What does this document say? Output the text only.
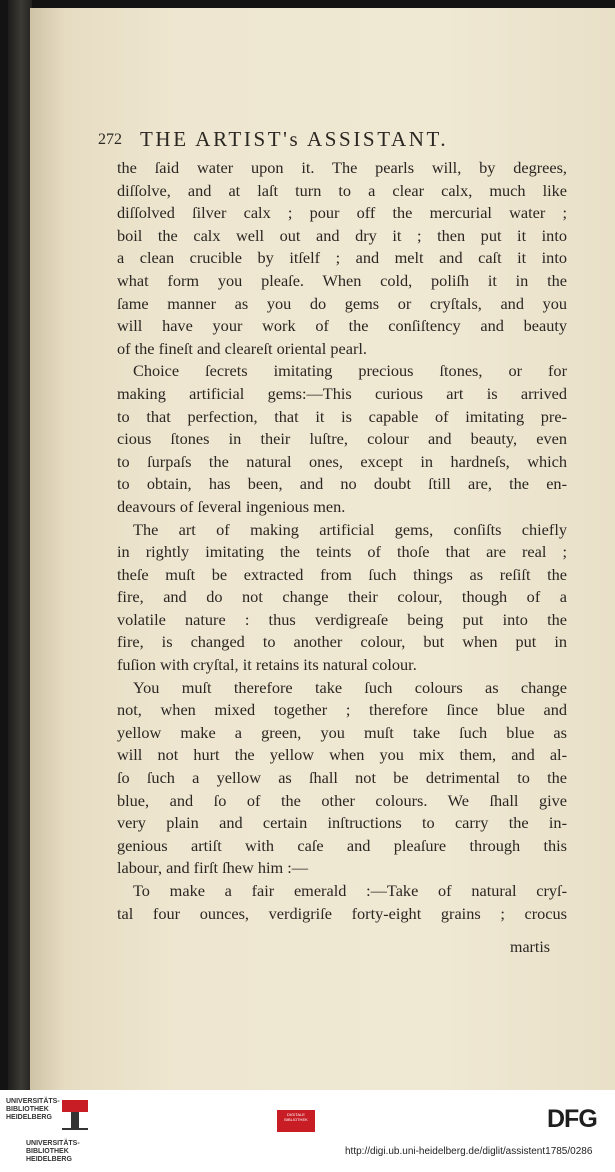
272 THE ARTIST's ASSISTANT.

the ſaid water upon it. The pearls will, by degrees,

diſſolve, and at laſt turn to a clear calx, much like

diſſolved ſilver calx ; pour off the mercurial water ;

boil the calx well out and dry it ; then put it into

a clean crucible by itſelf ; and melt and caſt it into

what form you pleaſe. When cold, poliſh it in the

ſame manner as you do gems or cryſtals, and you

will have your work of the conſiſtency and beauty

of the fineſt and cleareſt oriental pearl.

Choice ſecrets imitating precious ſtones, or for

making artificial gems:—This curious art is arrived

to that perfection, that it is capable of imitating pre-

cious ſtones in their luſtre, colour and beauty, even

to ſurpaſs the natural ones, except in hardneſs, which

to obtain, has been, and no doubt ſtill are, the en-

deavours of ſeveral ingenious men.

The art of making artificial gems, conſiſts chiefly

in rightly imitating the teints of thoſe that are real ;

theſe muſt be extracted from ſuch things as reſiſt the

fire, and do not change their colour, though of a

volatile nature : thus verdigreaſe being put into the

fire, is changed to another colour, but when put in

fuſion with cryſtal, it retains its natural colour.

You muſt therefore take ſuch colours as change

not, when mixed together ; therefore ſince blue and

yellow make a green, you muſt take ſuch blue as

will not hurt the yellow when you mix them, and al-

ſo ſuch a yellow as ſhall not be detrimental to the

blue, and ſo of the other colours. We ſhall give

very plain and certain inſtructions to carry the in-

genious artiſt with caſe and pleaſure through this

labour, and firſt ſhew him :—

To make a fair emerald :—Take of natural cryſ-

tal four ounces, verdigriſe forty-eight grains ; crocus

martis
UNIVERSITÄTS-
BIBLIOTHEK
HEIDELBERG
UNIVERSITÄTS-
BIBLIOTHEK
HEIDELBERG
DIGITALE
BIBLIOTHEK	DFG
http://digi.ub.uni-heidelberg.de/diglit/assistent1785/0286
